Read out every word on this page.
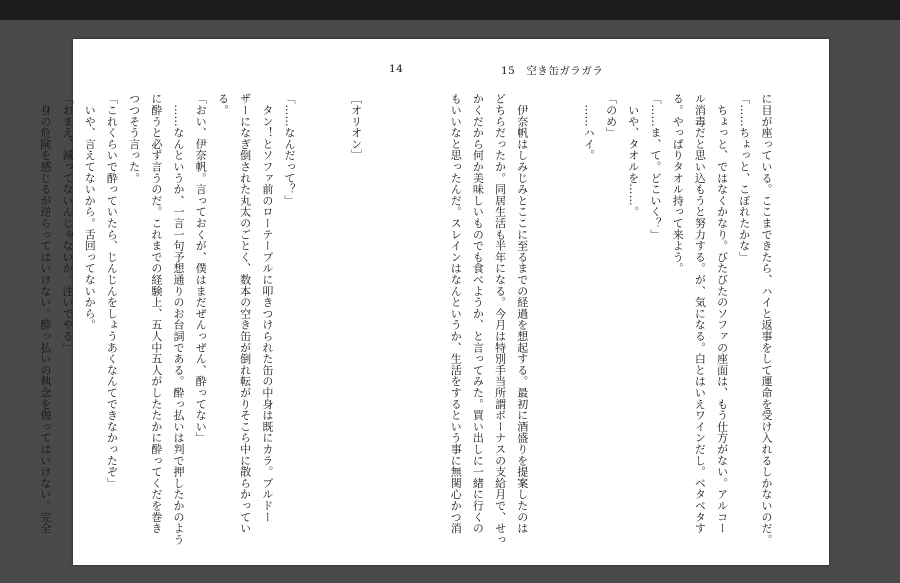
14
［オリオン］
「……なんだって？」
　タン！とソファ前のローテーブルに叩きつけられた缶の中身は既にカラ。ブルドー
ザーになぎ倒された丸太のごとく、数本の空き缶が倒れ転がりそこら中に散らかってい
る。
「おい、伊奈帆。言っておくが、僕はまだぜんっぜん、酔ってない」
　……なんというか、一言一句予想通りのお台詞である。酔っ払いは判で押したかのよう
に酔うと必ず言うのだ。これまでの経験上、五人中五人がしたたかに酔ってくだを巻き
つつそう言った。
「これくらいで酔っていたら、じんじんをしょうあくなんてできなかったぞ」
　いや、言えてないから。舌回ってないから。
「おまえ、減ってないんじゃないか。注いでやる」
　身の危険を感じるが逆らってはいけない。酔っ払いの執念を侮ってはいけない。完全
15　空き缶ガラガラ
に目が座っている。ここまできたら、ハイと返事をして運命を受け入れるしかないのだ。
「……ちょっと、こぼれたかな」
　ちょっと、ではなくかなり。びたびたのソファの座面は、もう仕方がない。アルコー
ル消毒だと思い込もうと努力する。が、気になる。白とはいえワインだし。ベタベタす
る。やっぱりタオル持って来よう。
「……ま、て。どこいく？」
　いや、タオルを……。
「のめ」
　……ハイ。
　伊奈帆はしみじみとここに至るまでの経過を想起する。最初に酒盛りを提案したのは
どちらだったか。同居生活も半年になる。今月は特別手当所謂ボーナスの支給月で、せっ
かくだから何か美味しいものでも食べようか、と言ってみた。買い出しに一緒に行くの
もいいなと思ったんだ。スレインはなんというか、生活をするという事に無関心かつ消
